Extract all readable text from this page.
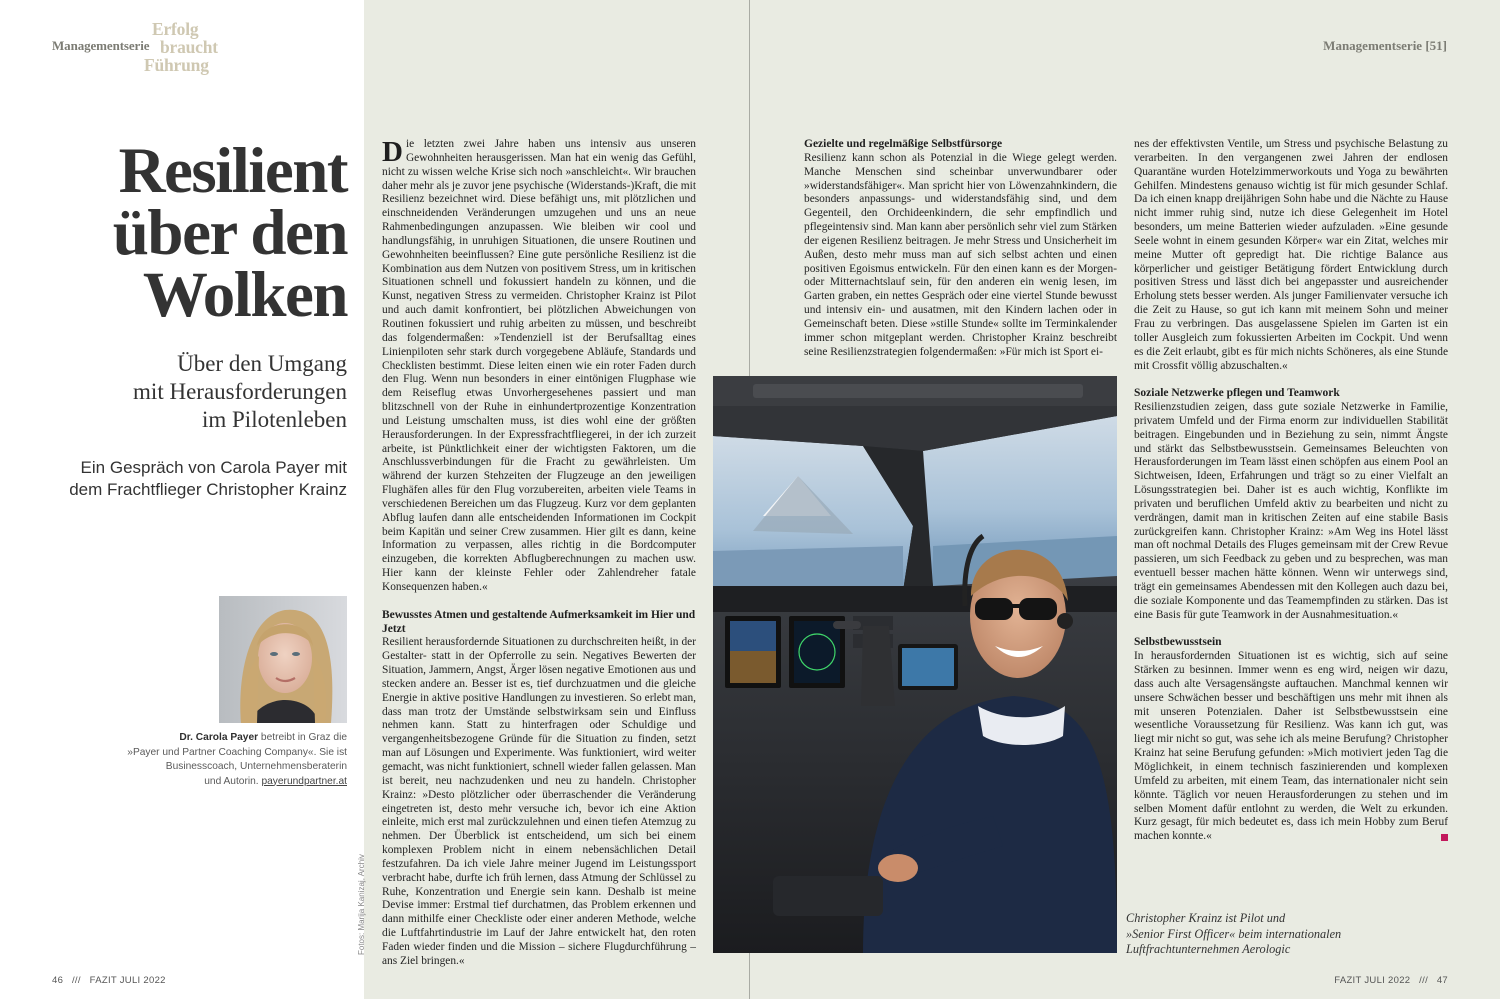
Erfolg
braucht
Führung
Managementserie	Managementserie [51]
Resilient
über den
Wolken
Über den Umgang
mit Herausforderungen
im Pilotenleben
Ein Gespräch von Carola Payer mit
dem Frachtflieger Christopher Krainz
Dr. Carola Payer betreibt in Graz die
»Payer und Partner Coaching Company«. Sie ist
Businesscoach, Unternehmensberaterin
und Autorin. payerundpartner.at
Fotos: Marija Kanizaj, Archiv

Die letzten zwei Jahre haben uns intensiv aus unseren Gewohnheiten herausgerissen. Man hat ein wenig das Gefühl, nicht zu wissen welche Krise sich noch »anschleicht«. Wir brauchen daher mehr als je zuvor jene psychische (Widerstands-)Kraft, die mit Resilienz bezeichnet wird. Diese befähigt uns, mit plötzlichen und einschneidenden Veränderungen umzugehen und uns an neue Rahmenbedingungen anzupassen. Wie bleiben wir cool und handlungsfähig, in unruhigen Situationen, die unsere Routinen und Gewohnheiten beeinflussen? Eine gute persönliche Resilienz ist die Kombination aus dem Nutzen von positivem Stress, um in kritischen Situationen schnell und fokussiert handeln zu können, und die Kunst, negativen Stress zu vermeiden. Christopher Krainz ist Pilot und auch damit konfrontiert, bei plötzlichen Abweichungen von Routinen fokussiert und ruhig arbeiten zu müssen, und beschreibt das folgendermaßen: »Tendenziell ist der Berufsalltag eines Linienpiloten sehr stark durch vorgegebene Abläufe, Standards und Checklisten bestimmt. Diese leiten einen wie ein roter Faden durch den Flug. Wenn nun besonders in einer eintönigen Flugphase wie dem Reiseflug etwas Unvorhergesehenes passiert und man blitzschnell von der Ruhe in einhundertprozentige Konzentration und Leistung umschalten muss, ist dies wohl eine der größten Herausforderungen. In der Expressfrachtfliegerei, in der ich zurzeit arbeite, ist Pünktlichkeit einer der wichtigsten Faktoren, um die Anschlussverbindungen für die Fracht zu gewährleisten. Um während der kurzen Stehzeiten der Flugzeuge an den jeweiligen Flughäfen alles für den Flug vorzubereiten, arbeiten viele Teams in verschiedenen Bereichen um das Flugzeug. Kurz vor dem geplanten Abflug laufen dann alle entscheidenden Informationen im Cockpit beim Kapitän und seiner Crew zusammen. Hier gilt es dann, keine Information zu verpassen, alles richtig in die Bordcomputer einzugeben, die korrekten Abflugberechnungen zu machen usw. Hier kann der kleinste Fehler oder Zahlendreher fatale Konsequenzen haben.«

Bewusstes Atmen und gestaltende Aufmerksamkeit im Hier und Jetzt

Resilient herausfordernde Situationen zu durchschreiten heißt, in der Gestalter- statt in der Opferrolle zu sein. Negatives Bewerten der Situation, Jammern, Angst, Ärger lösen negative Emotionen aus und stecken andere an. Besser ist es, tief durchzuatmen und die gleiche Energie in aktive positive Handlungen zu investieren. So erlebt man, dass man trotz der Umstände selbstwirksam sein und Einfluss nehmen kann. Statt zu hinterfragen oder Schuldige und vergangenheitsbezogene Gründe für die Situation zu finden, setzt man auf Lösungen und Experimente. Was funktioniert, wird weiter gemacht, was nicht funktioniert, schnell wieder fallen gelassen. Man ist bereit, neu nachzudenken und neu zu handeln. Christopher Krainz: »Desto plötzlicher oder überraschender die Veränderung eingetreten ist, desto mehr versuche ich, bevor ich eine Aktion einleite, mich erst mal zurückzulehnen und einen tiefen Atemzug zu nehmen. Der Überblick ist entscheidend, um sich bei einem komplexen Problem nicht in einem nebensächlichen Detail festzufahren. Da ich viele Jahre meiner Jugend im Leistungssport verbracht habe, durfte ich früh lernen, dass Atmung der Schlüssel zu Ruhe, Konzentration und Energie sein kann. Deshalb ist meine Devise immer: Erstmal tief durchatmen, das Problem erkennen und dann mithilfe einer Checkliste oder einer anderen Methode, welche die Luftfahrtindustrie im Lauf der Jahre entwickelt hat, den roten Faden wieder finden und die Mission – sichere Flugdurchführung – ans Ziel bringen.«

Gezielte und regelmäßige Selbstfürsorge

Resilienz kann schon als Potenzial in die Wiege gelegt werden. Manche Menschen sind scheinbar unverwundbarer oder »widerstandsfähiger«. Man spricht hier von Löwenzahnkindern, die besonders anpassungs- und widerstandsfähig sind, und dem Gegenteil, den Orchideenkindern, die sehr empfindlich und pflegeintensiv sind. Man kann aber persönlich sehr viel zum Stärken der eigenen Resilienz beitragen. Je mehr Stress und Unsicherheit im Außen, desto mehr muss man auf sich selbst achten und einen positiven Egoismus entwickeln. Für den einen kann es der Morgen- oder Mitternachtslauf sein, für den anderen ein wenig lesen, im Garten graben, ein nettes Gespräch oder eine viertel Stunde bewusst und intensiv ein- und ausatmen, mit den Kindern lachen oder in Gemeinschaft beten. Diese »stille Stunde« sollte im Terminkalender immer schon mitgeplant werden. Christopher Krainz beschreibt seine Resilienzstrategien folgendermaßen: »Für mich ist Sport ei-

nes der effektivsten Ventile, um Stress und psychische Belastung zu verarbeiten. In den vergangenen zwei Jahren der endlosen Quarantäne wurden Hotelzimmerworkouts und Yoga zu bewährten Gehilfen. Mindestens genauso wichtig ist für mich gesunder Schlaf. Da ich einen knapp dreijährigen Sohn habe und die Nächte zu Hause nicht immer ruhig sind, nutze ich diese Gelegenheit im Hotel besonders, um meine Batterien wieder aufzuladen. »Eine gesunde Seele wohnt in einem gesunden Körper« war ein Zitat, welches mir meine Mutter oft gepredigt hat. Die richtige Balance aus körperlicher und geistiger Betätigung fördert Entwicklung durch positiven Stress und lässt dich bei angepasster und ausreichender Erholung stets besser werden. Als junger Familienvater versuche ich die Zeit zu Hause, so gut ich kann mit meinem Sohn und meiner Frau zu verbringen. Das ausgelassene Spielen im Garten ist ein toller Ausgleich zum fokussierten Arbeiten im Cockpit. Und wenn es die Zeit erlaubt, gibt es für mich nichts Schöneres, als eine Stunde mit Crossfit völlig abzuschalten.«

Soziale Netzwerke pflegen und Teamwork

Resilienzstudien zeigen, dass gute soziale Netzwerke in Familie, privatem Umfeld und der Firma enorm zur individuellen Stabilität beitragen. Eingebunden und in Beziehung zu sein, nimmt Ängste und stärkt das Selbstbewusstsein. Gemeinsames Beleuchten von Herausforderungen im Team lässt einen schöpfen aus einem Pool an Sichtweisen, Ideen, Erfahrungen und trägt so zu einer Vielfalt an Lösungsstrategien bei. Daher ist es auch wichtig, Konflikte im privaten und beruflichen Umfeld aktiv zu bearbeiten und nicht zu verdrängen, damit man in kritischen Zeiten auf eine stabile Basis zurückgreifen kann. Christopher Krainz: »Am Weg ins Hotel lässt man oft nochmal Details des Fluges gemeinsam mit der Crew Revue passieren, um sich Feedback zu geben und zu besprechen, was man eventuell besser machen hätte können. Wenn wir unterwegs sind, trägt ein gemeinsames Abendessen mit den Kollegen auch dazu bei, die soziale Komponente und das Teamempfinden zu stärken. Das ist eine Basis für gute Teamwork in der Ausnahmesituation.«

Selbstbewusstsein

In herausfordernden Situationen ist es wichtig, sich auf seine Stärken zu besinnen. Immer wenn es eng wird, neigen wir dazu, dass auch alte Versagensängste auftauchen. Manchmal kennen wir unsere Schwächen besser und beschäftigen uns mehr mit ihnen als mit unseren Potenzialen. Daher ist Selbstbewusstsein eine wesentliche Voraussetzung für Resilienz. Was kann ich gut, was liegt mir nicht so gut, was sehe ich als meine Berufung? Christopher Krainz hat seine Berufung gefunden: »Mich motiviert jeden Tag die Möglichkeit, in einem technisch faszinierenden und komplexen Umfeld zu arbeiten, mit einem Team, das internationaler nicht sein könnte. Täglich vor neuen Herausforderungen zu stehen und im selben Moment dafür entlohnt zu werden, die Welt zu erkunden. Kurz gesagt, für mich bedeutet es, dass ich mein Hobby zum Beruf machen konnte.«

Christopher Krainz ist Pilot und
»Senior First Officer« beim internationalen
Luftfrachtunternehmen Aerologic
46   ///   FAZIT JULI 2022	FAZIT JULI 2022   ///   47
